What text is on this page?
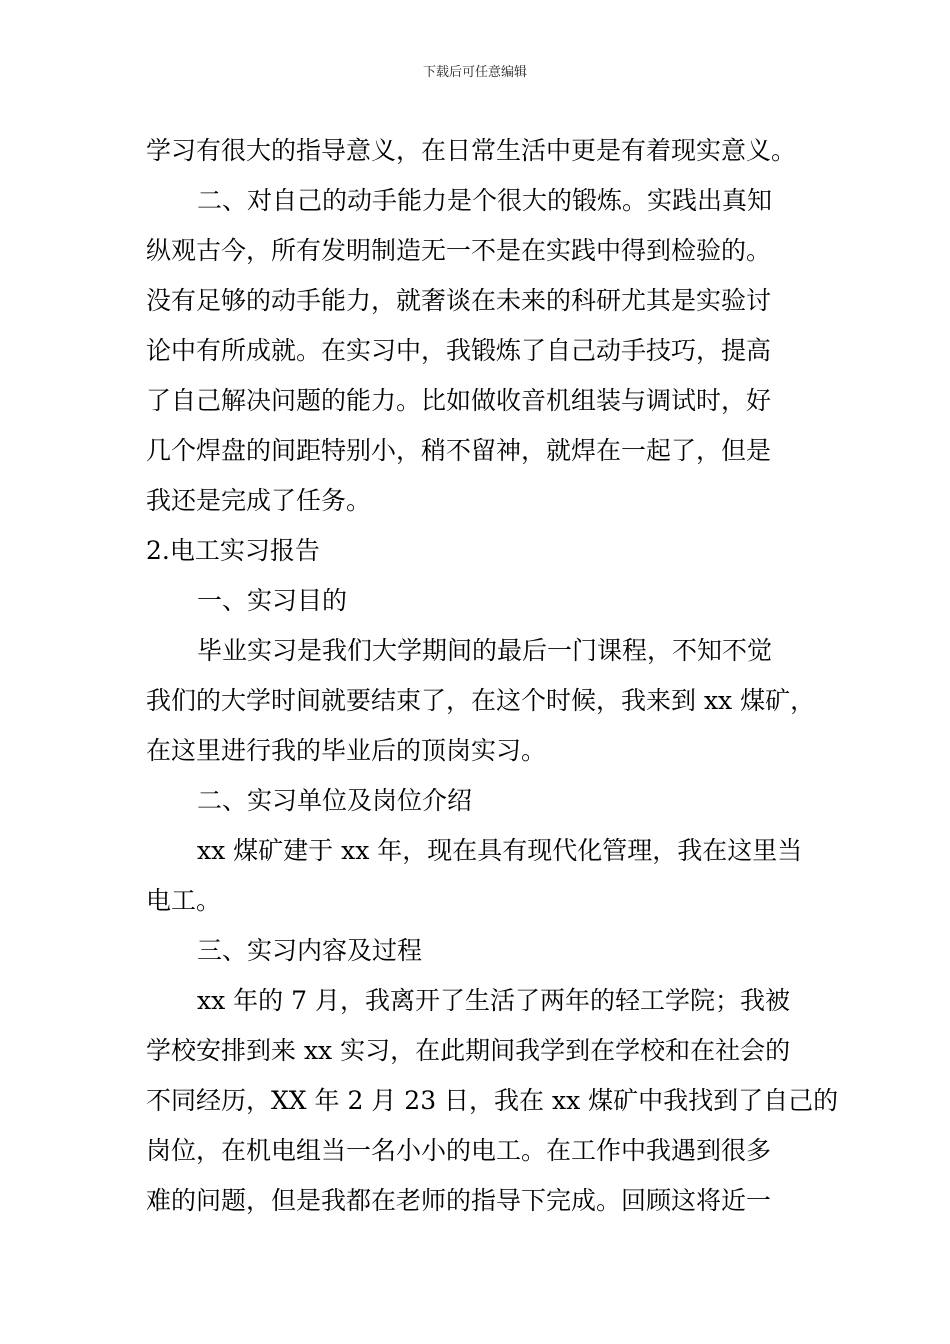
下载后可任意编辑
学习有很大的指导意义，在日常生活中更是有着现实意义。
二、对自己的动手能力是个很大的锻炼。实践出真知
纵观古今，所有发明制造无一不是在实践中得到检验的。
没有足够的动手能力，就奢谈在未来的科研尤其是实验讨
论中有所成就。在实习中，我锻炼了自己动手技巧，提高
了自己解决问题的能力。比如做收音机组装与调试时，好
几个焊盘的间距特别小，稍不留神，就焊在一起了，但是
我还是完成了任务。
2.电工实习报告
一、实习目的
毕业实习是我们大学期间的最后一门课程，不知不觉
我们的大学时间就要结束了，在这个时候，我来到 xx 煤矿，
在这里进行我的毕业后的顶岗实习。
二、实习单位及岗位介绍
xx 煤矿建于 xx 年，现在具有现代化管理，我在这里当
电工。
三、实习内容及过程
xx 年的 7 月，我离开了生活了两年的轻工学院；我被
学校安排到来 xx 实习，在此期间我学到在学校和在社会的
不同经历，XX 年 2 月 23 日，我在 xx 煤矿中我找到了自己的
岗位，在机电组当一名小小的电工。在工作中我遇到很多
难的问题，但是我都在老师的指导下完成。回顾这将近一
